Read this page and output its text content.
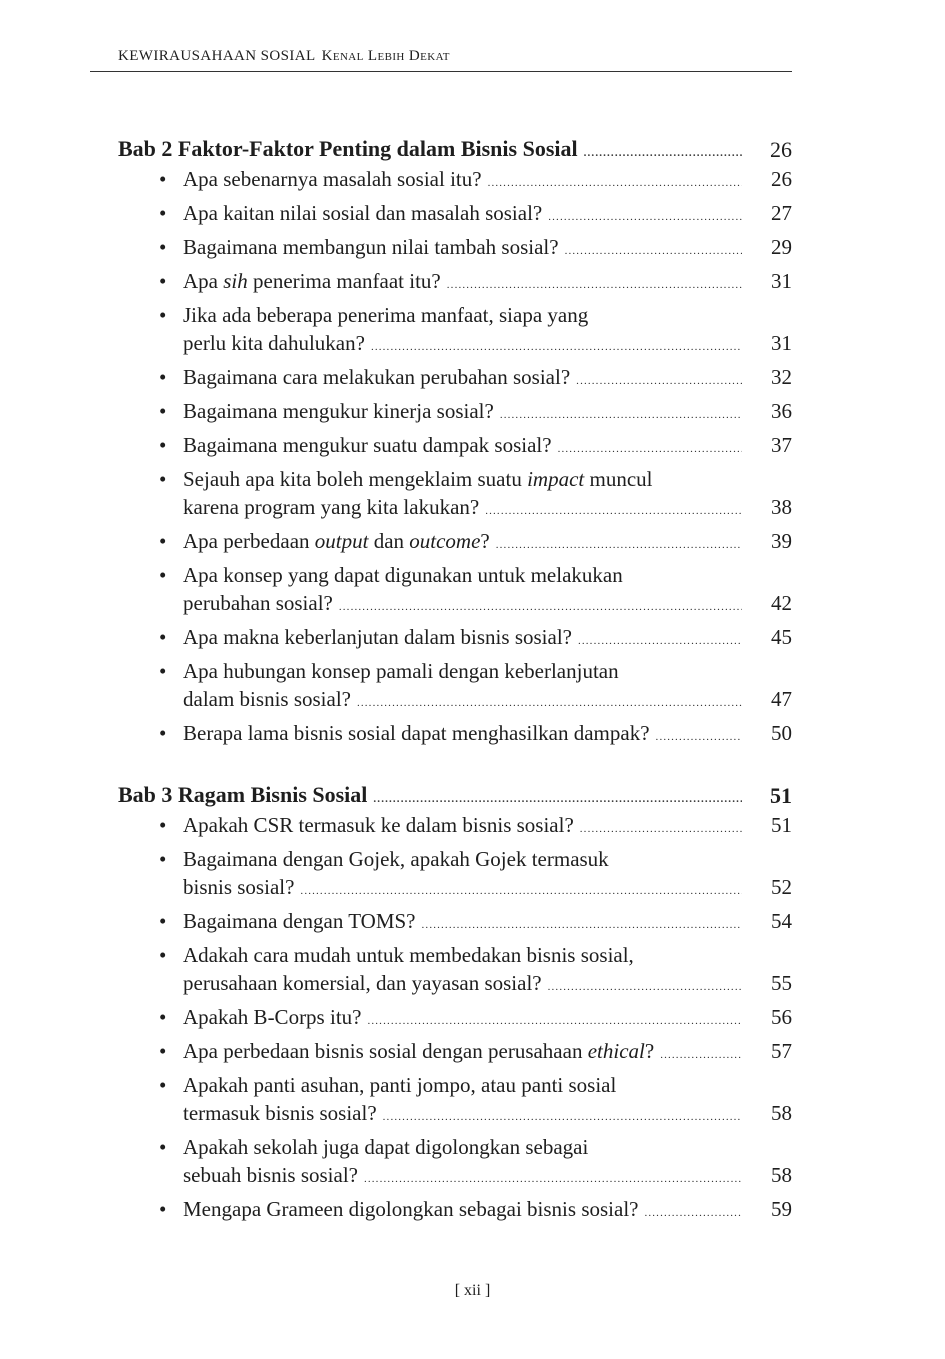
KEWIRAUSAHAAN SOSIAL Kenal Lebih Dekat
Bab 2 Faktor-Faktor Penting dalam Bisnis Sosial . . .	26
• Apa sebenarnya masalah sosial itu? . . .	26
• Apa kaitan nilai sosial dan masalah sosial? . . .	27
• Bagaimana membangun nilai tambah sosial? . . .	29
• Apa sih penerima manfaat itu? . . .	31
• Jika ada beberapa penerima manfaat, siapa yang
perlu kita dahulukan? . . .	31
• Bagaimana cara melakukan perubahan sosial? . . .	32
• Bagaimana mengukur kinerja sosial? . . .	36
• Bagaimana mengukur suatu dampak sosial? . . .	37
• Sejauh apa kita boleh mengeklaim suatu impact muncul
karena program yang kita lakukan? . . .	38
• Apa perbedaan output dan outcome? . . .	39
• Apa konsep yang dapat digunakan untuk melakukan
perubahan sosial? . . .	42
• Apa makna keberlanjutan dalam bisnis sosial? . . .	45
• Apa hubungan konsep pamali dengan keberlanjutan
dalam bisnis sosial? . . .	47
• Berapa lama bisnis sosial dapat menghasilkan dampak? . . .	50
Bab 3 Ragam Bisnis Sosial . . .	51
• Apakah CSR termasuk ke dalam bisnis sosial? . . .	51
• Bagaimana dengan Gojek, apakah Gojek termasuk
bisnis sosial? . . .	52
• Bagaimana dengan TOMS? . . .	54
• Adakah cara mudah untuk membedakan bisnis sosial,
perusahaan komersial, dan yayasan sosial? . . .	55
• Apakah B-Corps itu? . . .	56
• Apa perbedaan bisnis sosial dengan perusahaan ethical? . . .	57
• Apakah panti asuhan, panti jompo, atau panti sosial
termasuk bisnis sosial? . . .	58
• Apakah sekolah juga dapat digolongkan sebagai
sebuah bisnis sosial? . . .	58
• Mengapa Grameen digolongkan sebagai bisnis sosial? . . .	59
[ xii ]
